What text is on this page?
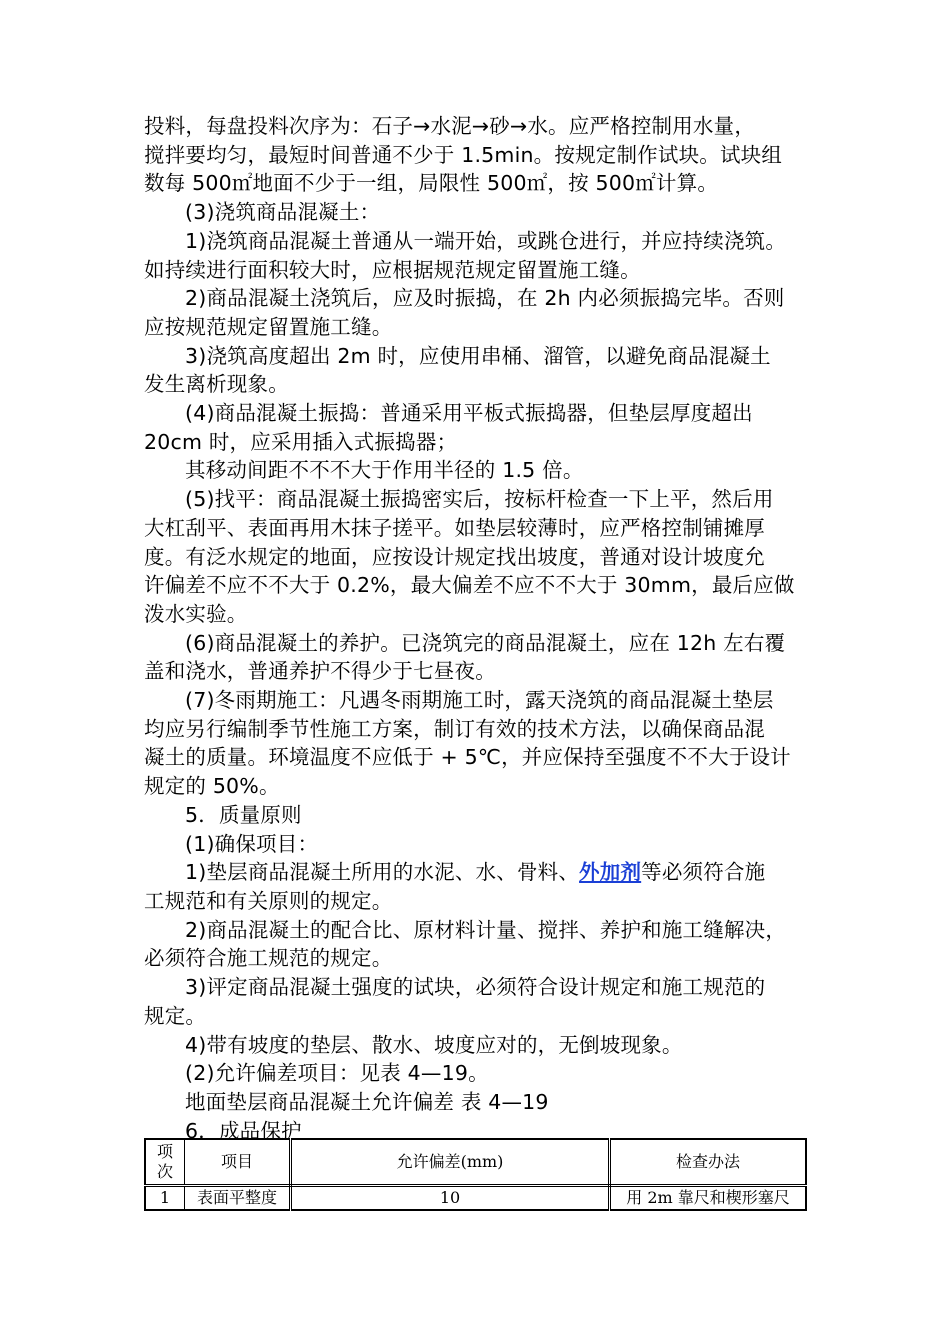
投料，每盘投料次序为：石子→水泥→砂→水。应严格控制用水量，

搅拌要均匀，最短时间普通不少于 1.5min。按规定制作试块。试块组

数每 500㎡地面不少于一组，局限性 500㎡，按 500㎡计算。

(3)浇筑商品混凝土：

1)浇筑商品混凝土普通从一端开始，或跳仓进行，并应持续浇筑。

如持续进行面积较大时，应根据规范规定留置施工缝。

2)商品混凝土浇筑后，应及时振捣，在 2h 内必须振捣完毕。否则

应按规范规定留置施工缝。

3)浇筑高度超出 2m 时，应使用串桶、溜管，以避免商品混凝土

发生离析现象。

(4)商品混凝土振捣：普通采用平板式振捣器，但垫层厚度超出

20cm 时，应采用插入式振捣器；

其移动间距不不不大于作用半径的 1.5 倍。

(5)找平：商品混凝土振捣密实后，按标杆检查一下上平，然后用

大杠刮平、表面再用木抹子搓平。如垫层较薄时，应严格控制铺摊厚

度。有泛水规定的地面，应按设计规定找出坡度，普通对设计坡度允

许偏差不应不不大于 0.2%，最大偏差不应不不大于 30mm，最后应做

泼水实验。

(6)商品混凝土的养护。已浇筑完的商品混凝土，应在 12h 左右覆

盖和浇水，普通养护不得少于七昼夜。

(7)冬雨期施工：凡遇冬雨期施工时，露天浇筑的商品混凝土垫层

均应另行编制季节性施工方案，制订有效的技术方法，以确保商品混

凝土的质量。环境温度不应低于 + 5℃，并应保持至强度不不大于设计

规定的 50%。

5．质量原则

(1)确保项目：

1)垫层商品混凝土所用的水泥、水、骨料、外加剂等必须符合施

工规范和有关原则的规定。

2)商品混凝土的配合比、原材料计量、搅拌、养护和施工缝解决，

必须符合施工规范的规定。

3)评定商品混凝土强度的试块，必须符合设计规定和施工规范的

规定。

4)带有坡度的垫层、散水、坡度应对的，无倒坡现象。

(2)允许偏差项目：见表 4—19。

地面垫层商品混凝土允许偏差 表 4—19

6．成品保护

项
次	项目	允许偏差(mm)	检查办法
1	表面平整度	10	用 2m 靠尺和楔形塞尺
